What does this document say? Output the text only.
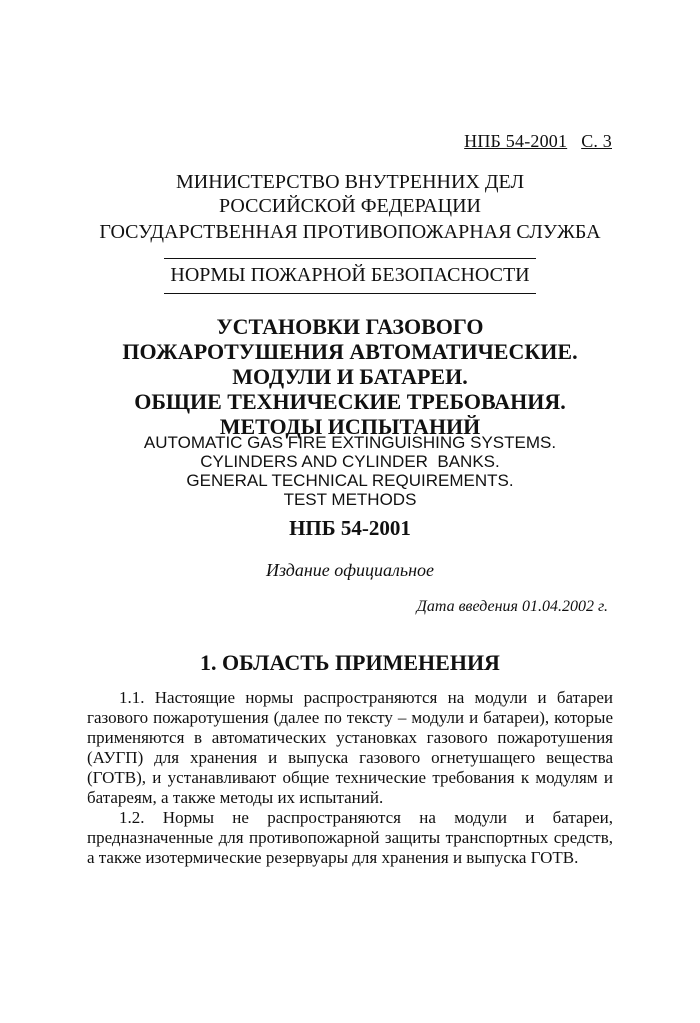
НПБ 54-2001 С. 3
МИНИСТЕРСТВО ВНУТРЕННИХ ДЕЛ
РОССИЙСКОЙ ФЕДЕРАЦИИ
ГОСУДАРСТВЕННАЯ ПРОТИВОПОЖАРНАЯ СЛУЖБА
НОРМЫ ПОЖАРНОЙ БЕЗОПАСНОСТИ
УСТАНОВКИ ГАЗОВОГО
ПОЖАРОТУШЕНИЯ АВТОМАТИЧЕСКИЕ.
МОДУЛИ И БАТАРЕИ.
ОБЩИЕ ТЕХНИЧЕСКИЕ ТРЕБОВАНИЯ.
МЕТОДЫ ИСПЫТАНИЙ
AUTOMATIC GAS FIRE EXTINGUISHING SYSTEMS.
CYLINDERS AND CYLINDER  BANKS.
GENERAL TECHNICAL REQUIREMENTS.
TEST METHODS
НПБ 54-2001
Издание официальное
Дата введения 01.04.2002 г.
1. ОБЛАСТЬ ПРИМЕНЕНИЯ

1.1. Настоящие нормы распространяются на модули и батареи газового пожаротушения (далее по тексту – модули и батареи), которые применяются в автоматических установках газового пожаротушения (АУГП) для хранения и выпуска газового огнетушащего вещества (ГОТВ), и устанавливают общие технические требования к модулям и батареям, а также методы их испытаний.

1.2. Нормы не распространяются на модули и батареи, предназначенные для противопожарной защиты транспортных средств, а также изотермические резервуары для хранения и выпуска ГОТВ.
